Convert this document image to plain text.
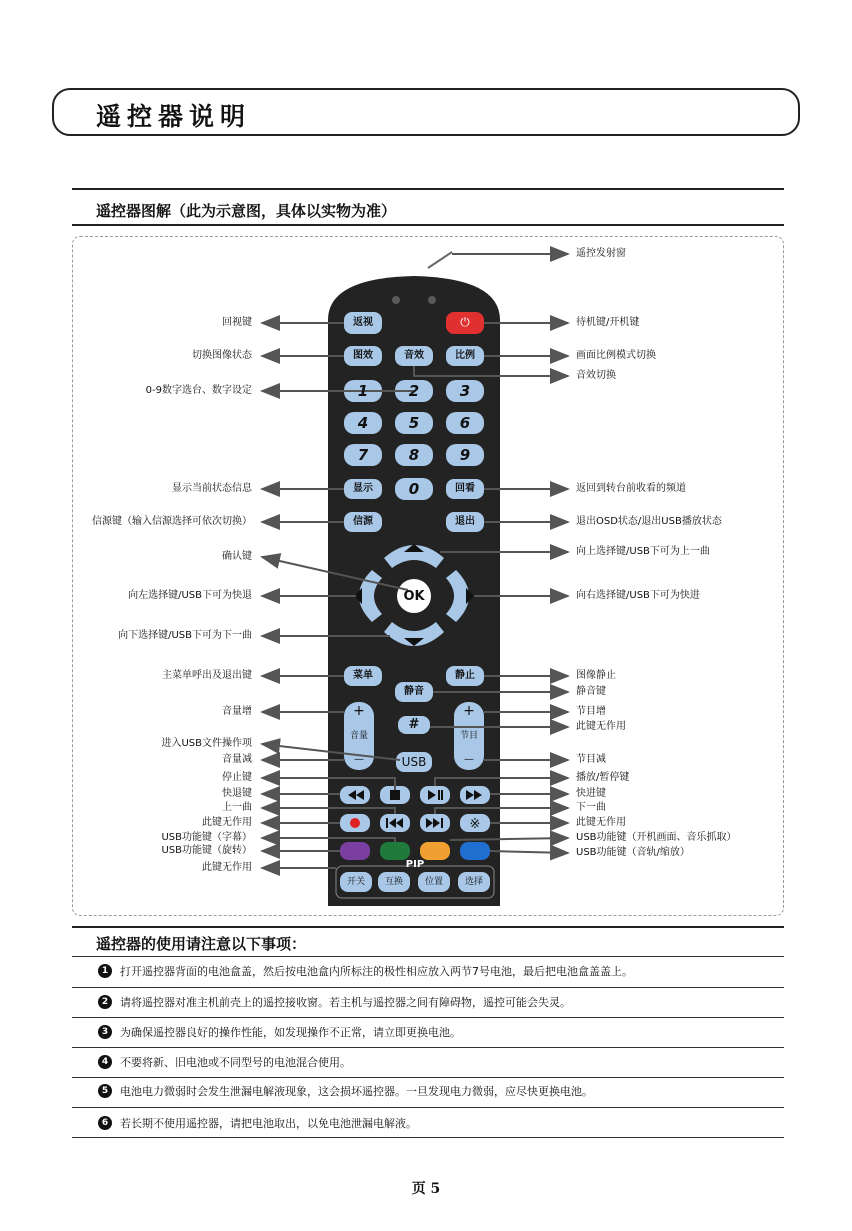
遥控器说明
遥控器图解（此为示意图，具体以实物为准）
※
返视	⏻
图效	音效	比例
1	2	3
4	5	6
7	8	9
0
显示	回看
信源	退出
OK
菜单	静止
静音
+
音量
—
+
节目
—
#
USB
PIP
开关	互换	位置	选择
回视键
切换图像状态
0-9数字选台、数字设定
显示当前状态信息
信源键（输入信源选择可依次切换）
确认键
向左选择键/USB下可为快退
向下选择键/USB下可为下一曲
主菜单呼出及退出键
音量增
进入USB文件操作项
音量减
停止键
快退键
上一曲
此键无作用
USB功能键（字幕）
USB功能键（旋转）
此键无作用
遥控发射窗
待机键/开机键
画面比例模式切换
音效切换
返回到转台前收看的频道
退出OSD状态/退出USB播放状态
向上选择键/USB下可为上一曲
向右选择键/USB下可为快进
图像静止
静音键
节目增
此键无作用
节目减
播放/暂停键
快进键
下一曲
此键无作用
USB功能键（开机画面、音乐抓取）
USB功能键（音轨/缩放）
遥控器的使用请注意以下事项：
1	打开遥控器背面的电池盒盖，然后按电池盒内所标注的极性相应放入两节7号电池，最后把电池盒盖盖上。
2	请将遥控器对准主机前壳上的遥控接收窗。若主机与遥控器之间有障碍物，遥控可能会失灵。
3	为确保遥控器良好的操作性能，如发现操作不正常，请立即更换电池。
4	不要将新、旧电池或不同型号的电池混合使用。
5	电池电力微弱时会发生泄漏电解液现象，这会损坏遥控器。一旦发现电力微弱，应尽快更换电池。
6	若长期不使用遥控器，请把电池取出，以免电池泄漏电解液。
页 5
